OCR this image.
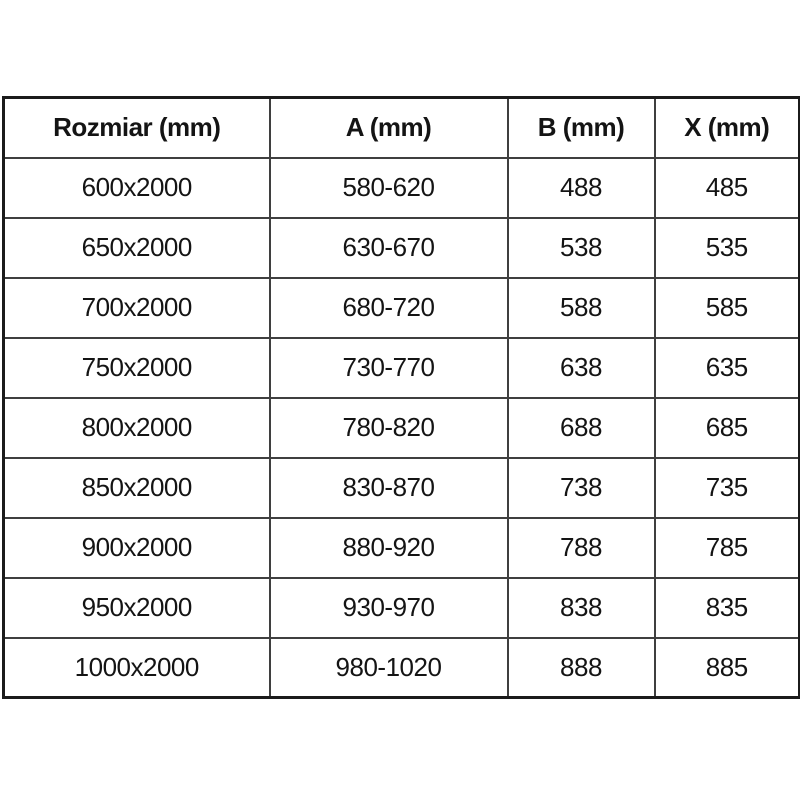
Rozmiar (mm)	A (mm)	B (mm)	X (mm)
600x2000	580-620	488	485
650x2000	630-670	538	535
700x2000	680-720	588	585
750x2000	730-770	638	635
800x2000	780-820	688	685
850x2000	830-870	738	735
900x2000	880-920	788	785
950x2000	930-970	838	835
1000x2000	980-1020	888	885
